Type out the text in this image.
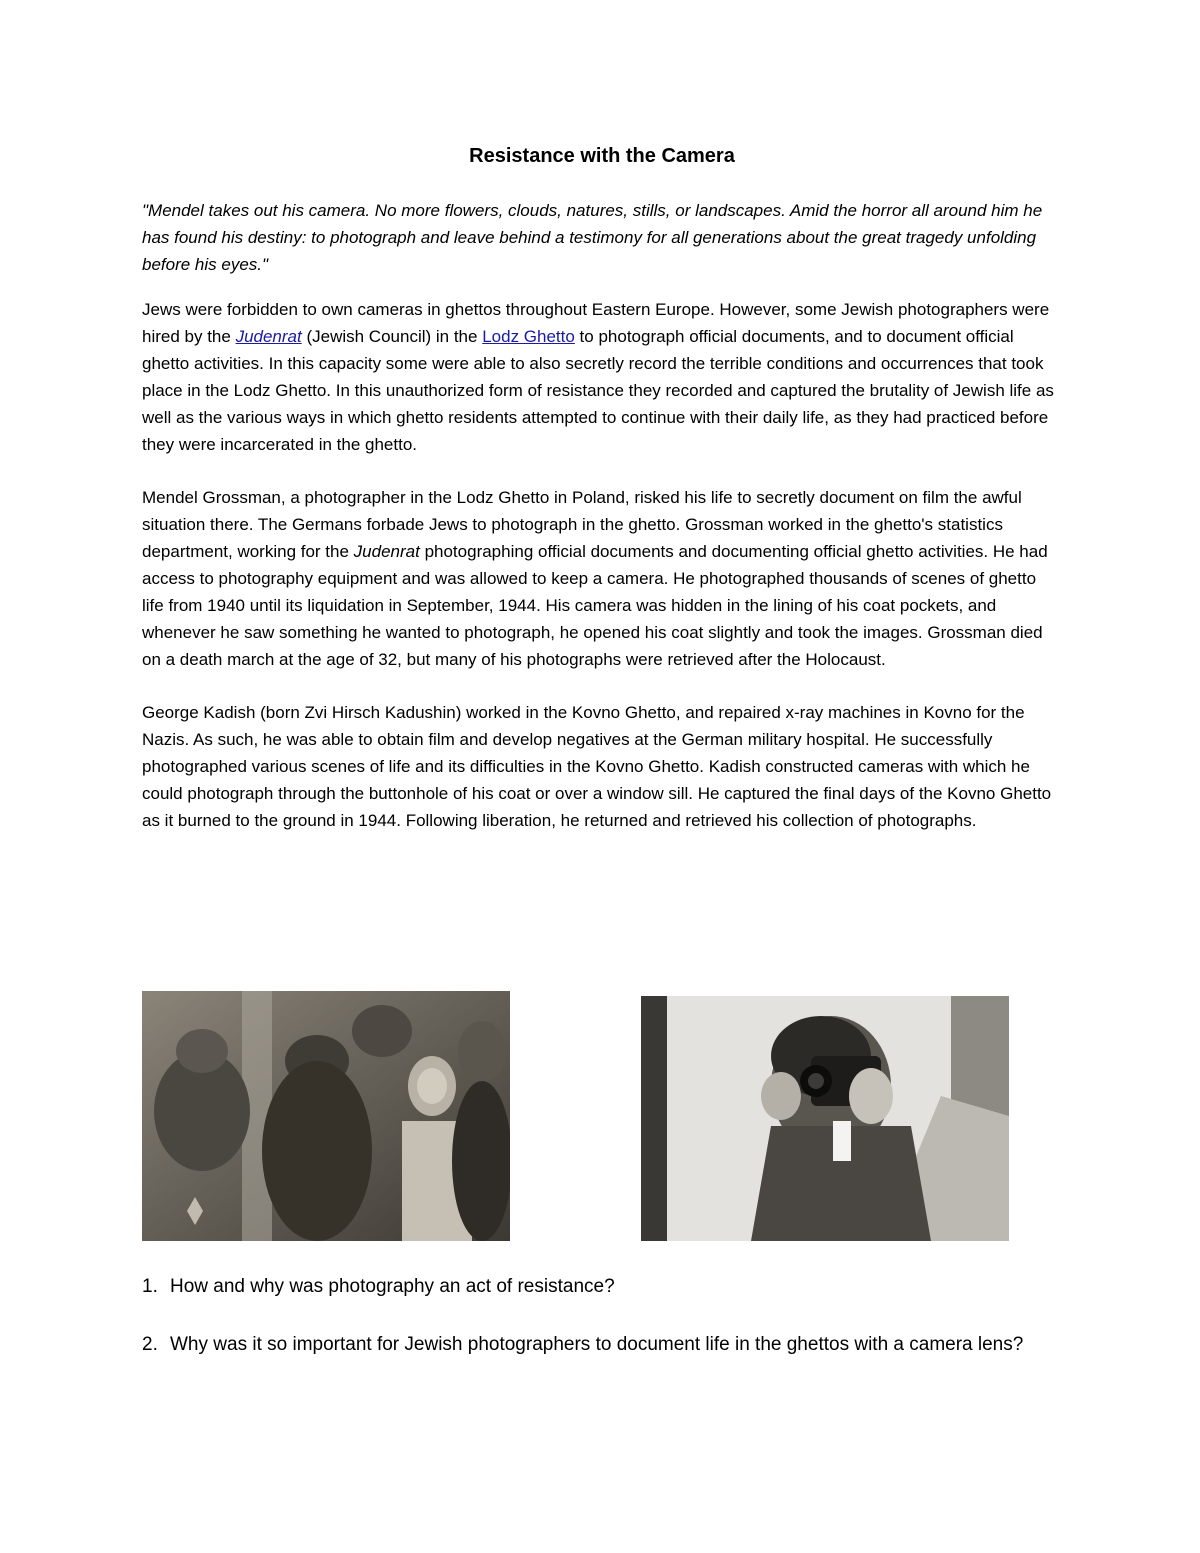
Resistance with the Camera

"Mendel takes out his camera. No more flowers, clouds, natures, stills, or landscapes. Amid the horror all around him he has found his destiny: to photograph and leave behind a testimony for all generations about the great tragedy unfolding before his eyes."

Jews were forbidden to own cameras in ghettos throughout Eastern Europe. However, some Jewish photographers were hired by the Judenrat (Jewish Council) in the Lodz Ghetto to photograph official documents, and to document official ghetto activities. In this capacity some were able to also secretly record the terrible conditions and occurrences that took place in the Lodz Ghetto. In this unauthorized form of resistance they recorded and captured the brutality of Jewish life as well as the various ways in which ghetto residents attempted to continue with their daily life, as they had practiced before they were incarcerated in the ghetto.

Mendel Grossman, a photographer in the Lodz Ghetto in Poland, risked his life to secretly document on film the awful situation there. The Germans forbade Jews to photograph in the ghetto. Grossman worked in the ghetto's statistics department, working for the Judenrat photographing official documents and documenting official ghetto activities. He had access to photography equipment and was allowed to keep a camera. He photographed thousands of scenes of ghetto life from 1940 until its liquidation in September, 1944. His camera was hidden in the lining of his coat pockets, and whenever he saw something he wanted to photograph, he opened his coat slightly and took the images. Grossman died on a death march at the age of 32, but many of his photographs were retrieved after the Holocaust.

George Kadish (born Zvi Hirsch Kadushin) worked in the Kovno Ghetto, and repaired x-ray machines in Kovno for the Nazis. As such, he was able to obtain film and develop negatives at the German military hospital. He successfully photographed various scenes of life and its difficulties in the Kovno Ghetto. Kadish constructed cameras with which he could photograph through the buttonhole of his coat or over a window sill. He captured the final days of the Kovno Ghetto as it burned to the ground in 1944. Following liberation, he returned and retrieved his collection of photographs.

1. How and why was photography an act of resistance?
2. Why was it so important for Jewish photographers to document life in the ghettos with a camera lens?
